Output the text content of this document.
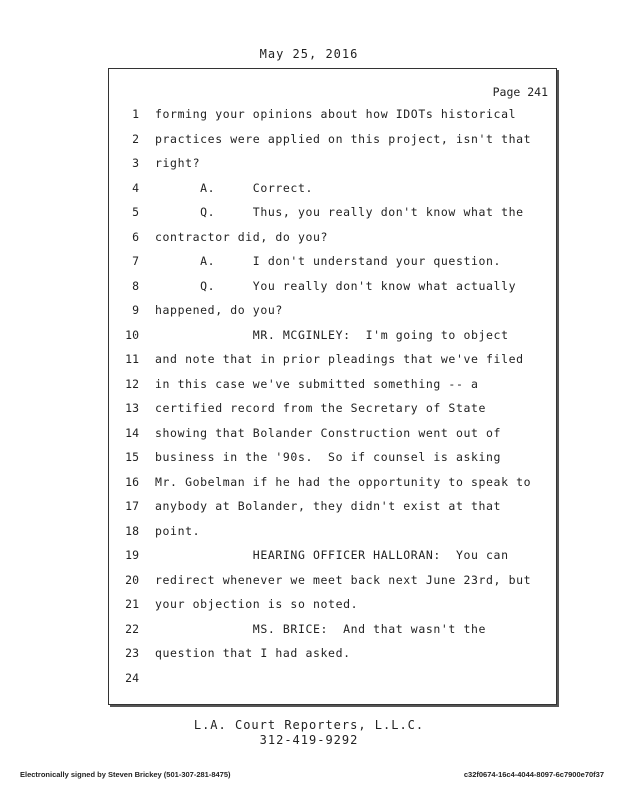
May 25, 2016
Page 241
1 forming your opinions about how IDOTs historical
2 practices were applied on this project, isn't that
3 right?
4 A.     Correct.
5 Q.     Thus, you really don't know what the
6 contractor did, do you?
7 A.     I don't understand your question.
8 Q.     You really don't know what actually
9 happened, do you?
10 MR. MCGINLEY:  I'm going to object
11 and note that in prior pleadings that we've filed
12 in this case we've submitted something -- a
13 certified record from the Secretary of State
14 showing that Bolander Construction went out of
15 business in the '90s.  So if counsel is asking
16 Mr. Gobelman if he had the opportunity to speak to
17 anybody at Bolander, they didn't exist at that
18 point.
19 HEARING OFFICER HALLORAN:  You can
20 redirect whenever we meet back next June 23rd, but
21 your objection is so noted.
22 MS. BRICE:  And that wasn't the
23 question that I had asked.
24
L.A. Court Reporters, L.L.C.
312-419-9292
Electronically signed by Steven Brickey (501-307-281-8475)	c32f0674-16c4-4044-8097-6c7900e70f37
